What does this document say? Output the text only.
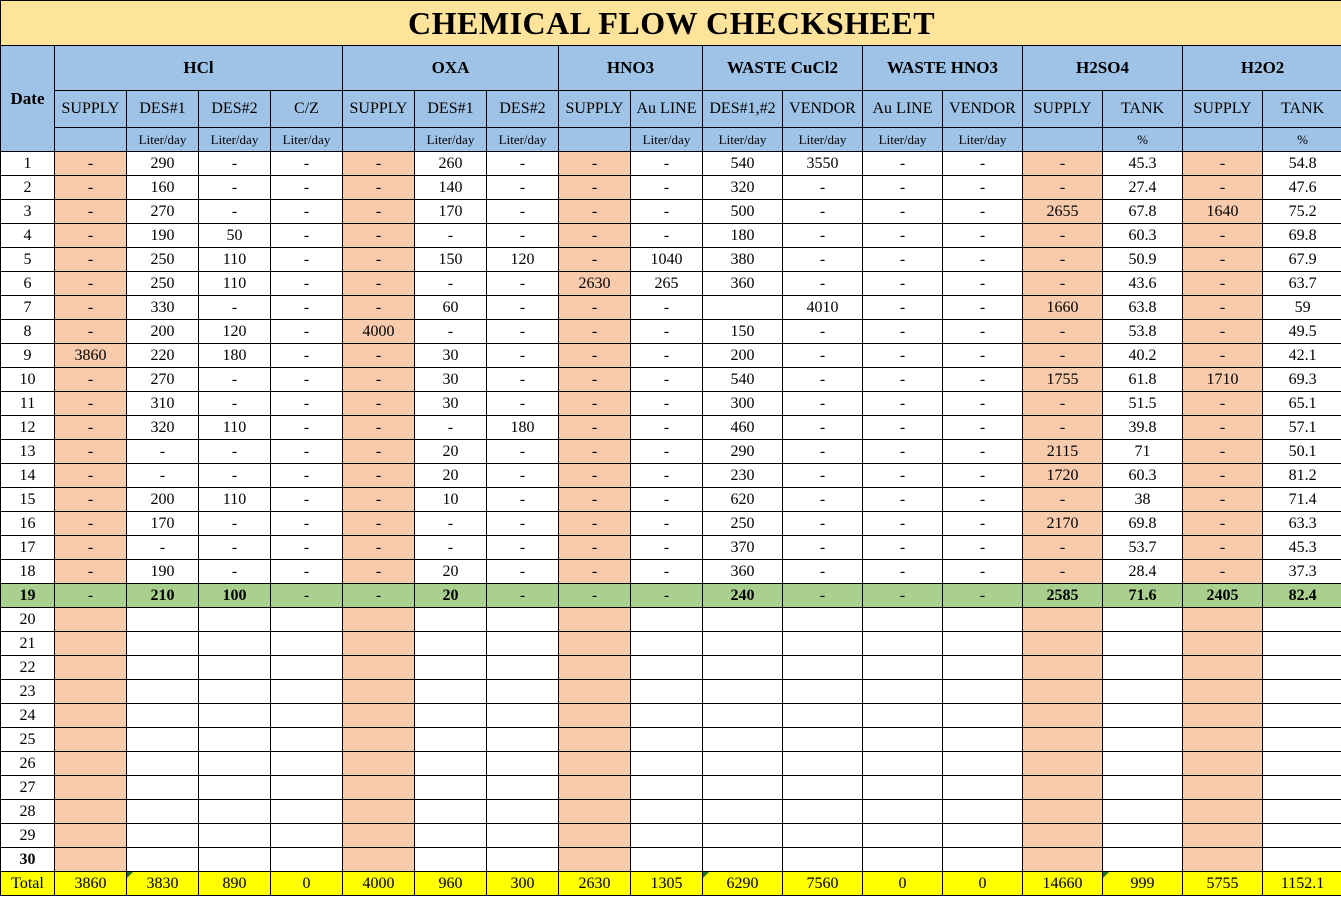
CHEMICAL FLOW CHECKSHEET																	
Date	HCl				OXA			HNO3		WASTE CuCl2		WASTE HNO3		H2SO4		H2O2	
	SUPPLY	DES#1	DES#2	C/Z	SUPPLY	DES#1	DES#2	SUPPLY	Au LINE	DES#1,#2	VENDOR	Au LINE	VENDOR	SUPPLY	TANK	SUPPLY	TANK
		Liter/day	Liter/day	Liter/day		Liter/day	Liter/day		Liter/day	Liter/day	Liter/day	Liter/day	Liter/day		%		%
1	-	290	-	-	-	260	-	-	-	540	3550	-	-	-	45.3	-	54.8
2	-	160	-	-	-	140	-	-	-	320	-	-	-	-	27.4	-	47.6
3	-	270	-	-	-	170	-	-	-	500	-	-	-	2655	67.8	1640	75.2
4	-	190	50	-	-	-	-	-	-	180	-	-	-	-	60.3	-	69.8
5	-	250	110	-	-	150	120	-	1040	380	-	-	-	-	50.9	-	67.9
6	-	250	110	-	-	-	-	2630	265	360	-	-	-	-	43.6	-	63.7
7	-	330	-	-	-	60	-	-	-		4010	-	-	1660	63.8	-	59
8	-	200	120	-	4000	-	-	-	-	150	-	-	-	-	53.8	-	49.5
9	3860	220	180	-	-	30	-	-	-	200	-	-	-	-	40.2	-	42.1
10	-	270	-	-	-	30	-	-	-	540	-	-	-	1755	61.8	1710	69.3
11	-	310	-	-	-	30	-	-	-	300	-	-	-	-	51.5	-	65.1
12	-	320	110	-	-	-	180	-	-	460	-	-	-	-	39.8	-	57.1
13	-	-	-	-	-	20	-	-	-	290	-	-	-	2115	71	-	50.1
14	-	-	-	-	-	20	-	-	-	230	-	-	-	1720	60.3	-	81.2
15	-	200	110	-	-	10	-	-	-	620	-	-	-	-	38	-	71.4
16	-	170	-	-	-	-	-	-	-	250	-	-	-	2170	69.8	-	63.3
17	-	-	-	-	-	-	-	-	-	370	-	-	-	-	53.7	-	45.3
18	-	190	-	-	-	20	-	-	-	360	-	-	-	-	28.4	-	37.3
19	-	210	100	-	-	20	-	-	-	240	-	-	-	2585	71.6	2405	82.4
20																	
21																	
22																	
23																	
24																	
25																	
26																	
27																	
28																	
29																	
30																	
Total	3860	3830	890	0	4000	960	300	2630	1305	6290	7560	0	0	14660	999	5755	1152.1
